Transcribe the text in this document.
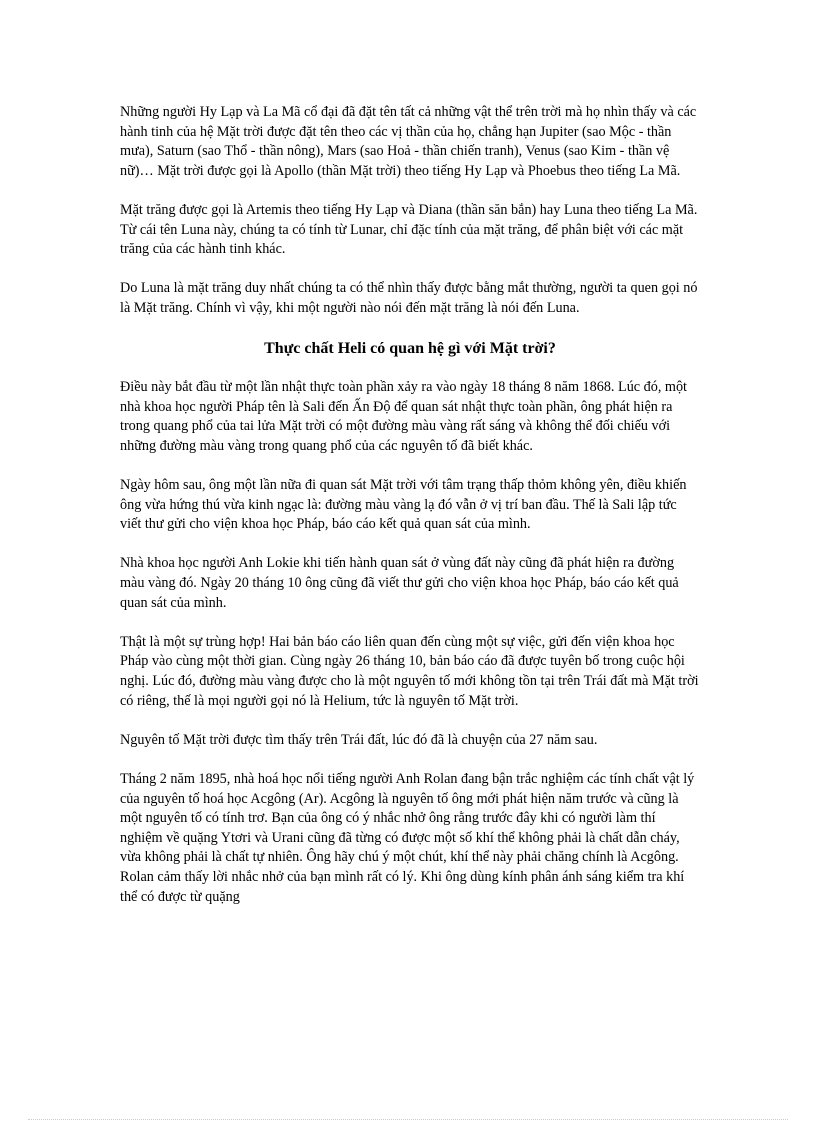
Những người Hy Lạp và La Mã cổ đại đã đặt tên tất cả những vật thể trên trời mà họ nhìn thấy và các hành tinh của hệ Mặt trời được đặt tên theo các vị thần của họ, chẳng hạn Jupiter (sao Mộc - thần mưa), Saturn (sao Thổ - thần nông), Mars (sao Hoả - thần chiến tranh), Venus (sao Kim - thần vệ nữ)… Mặt trời được gọi là Apollo (thần Mặt trời) theo tiếng Hy Lạp và Phoebus theo tiếng La Mã.

Mặt trăng được gọi là Artemis theo tiếng Hy Lạp và Diana (thần săn bắn) hay Luna theo tiếng La Mã. Từ cái tên Luna này, chúng ta có tính từ Lunar, chỉ đặc tính của mặt trăng, để phân biệt với các mặt trăng của các hành tinh khác.

Do Luna là mặt trăng duy nhất chúng ta có thể nhìn thấy được bằng mắt thường, người ta quen gọi nó là Mặt trăng. Chính vì vậy, khi một người nào nói đến mặt trăng là nói đến Luna.

Thực chất Heli có quan hệ gì với Mặt trời?

Điều này bắt đầu từ một lần nhật thực toàn phần xảy ra vào ngày 18 tháng 8 năm 1868. Lúc đó, một nhà khoa học người Pháp tên là Sali đến Ấn Độ để quan sát nhật thực toàn phần, ông phát hiện ra trong quang phổ của tai lửa Mặt trời có một đường màu vàng rất sáng và không thể đối chiếu với những đường màu vàng trong quang phổ của các nguyên tố đã biết khác.

Ngày hôm sau, ông một lần nữa đi quan sát Mặt trời với tâm trạng thấp thỏm không yên, điều khiến ông vừa hứng thú vừa kinh ngạc là: đường màu vàng lạ đó vẫn ở vị trí ban đầu. Thế là Sali lập tức viết thư gửi cho viện khoa học Pháp, báo cáo kết quả quan sát của mình.

Nhà khoa học người Anh Lokie khi tiến hành quan sát ở vùng đất này cũng đã phát hiện ra đường màu vàng đó. Ngày 20 tháng 10 ông cũng đã viết thư gửi cho viện khoa học Pháp, báo cáo kết quả quan sát của mình.

Thật là một sự trùng hợp! Hai bản báo cáo liên quan đến cùng một sự việc, gửi đến viện khoa học Pháp vào cùng một thời gian. Cùng ngày 26 tháng 10, bản báo cáo đã được tuyên bố trong cuộc hội nghị. Lúc đó, đường màu vàng được cho là một nguyên tố mới không tồn tại trên Trái đất mà Mặt trời có riêng, thế là mọi người gọi nó là Helium, tức là nguyên tố Mặt trời.

Nguyên tố Mặt trời được tìm thấy trên Trái đất, lúc đó đã là chuyện của 27 năm sau.

Tháng 2 năm 1895, nhà hoá học nổi tiếng người Anh Rolan đang bận trắc nghiệm các tính chất vật lý của nguyên tố hoá học Acgông (Ar). Acgông là nguyên tố ông mới phát hiện năm trước và cũng là một nguyên tố có tính trơ. Bạn của ông có ý nhắc nhở ông rằng trước đây khi có người làm thí nghiệm về quặng Ytơri và Urani cũng đã từng có được một số khí thể không phải là chất dẫn cháy, vừa không phải là chất tự nhiên. Ông hãy chú ý một chút, khí thể này phải chăng chính là Acgông. Rolan cảm thấy lời nhắc nhở của bạn mình rất có lý. Khi ông dùng kính phân ánh sáng kiểm tra khí thể có được từ quặng
